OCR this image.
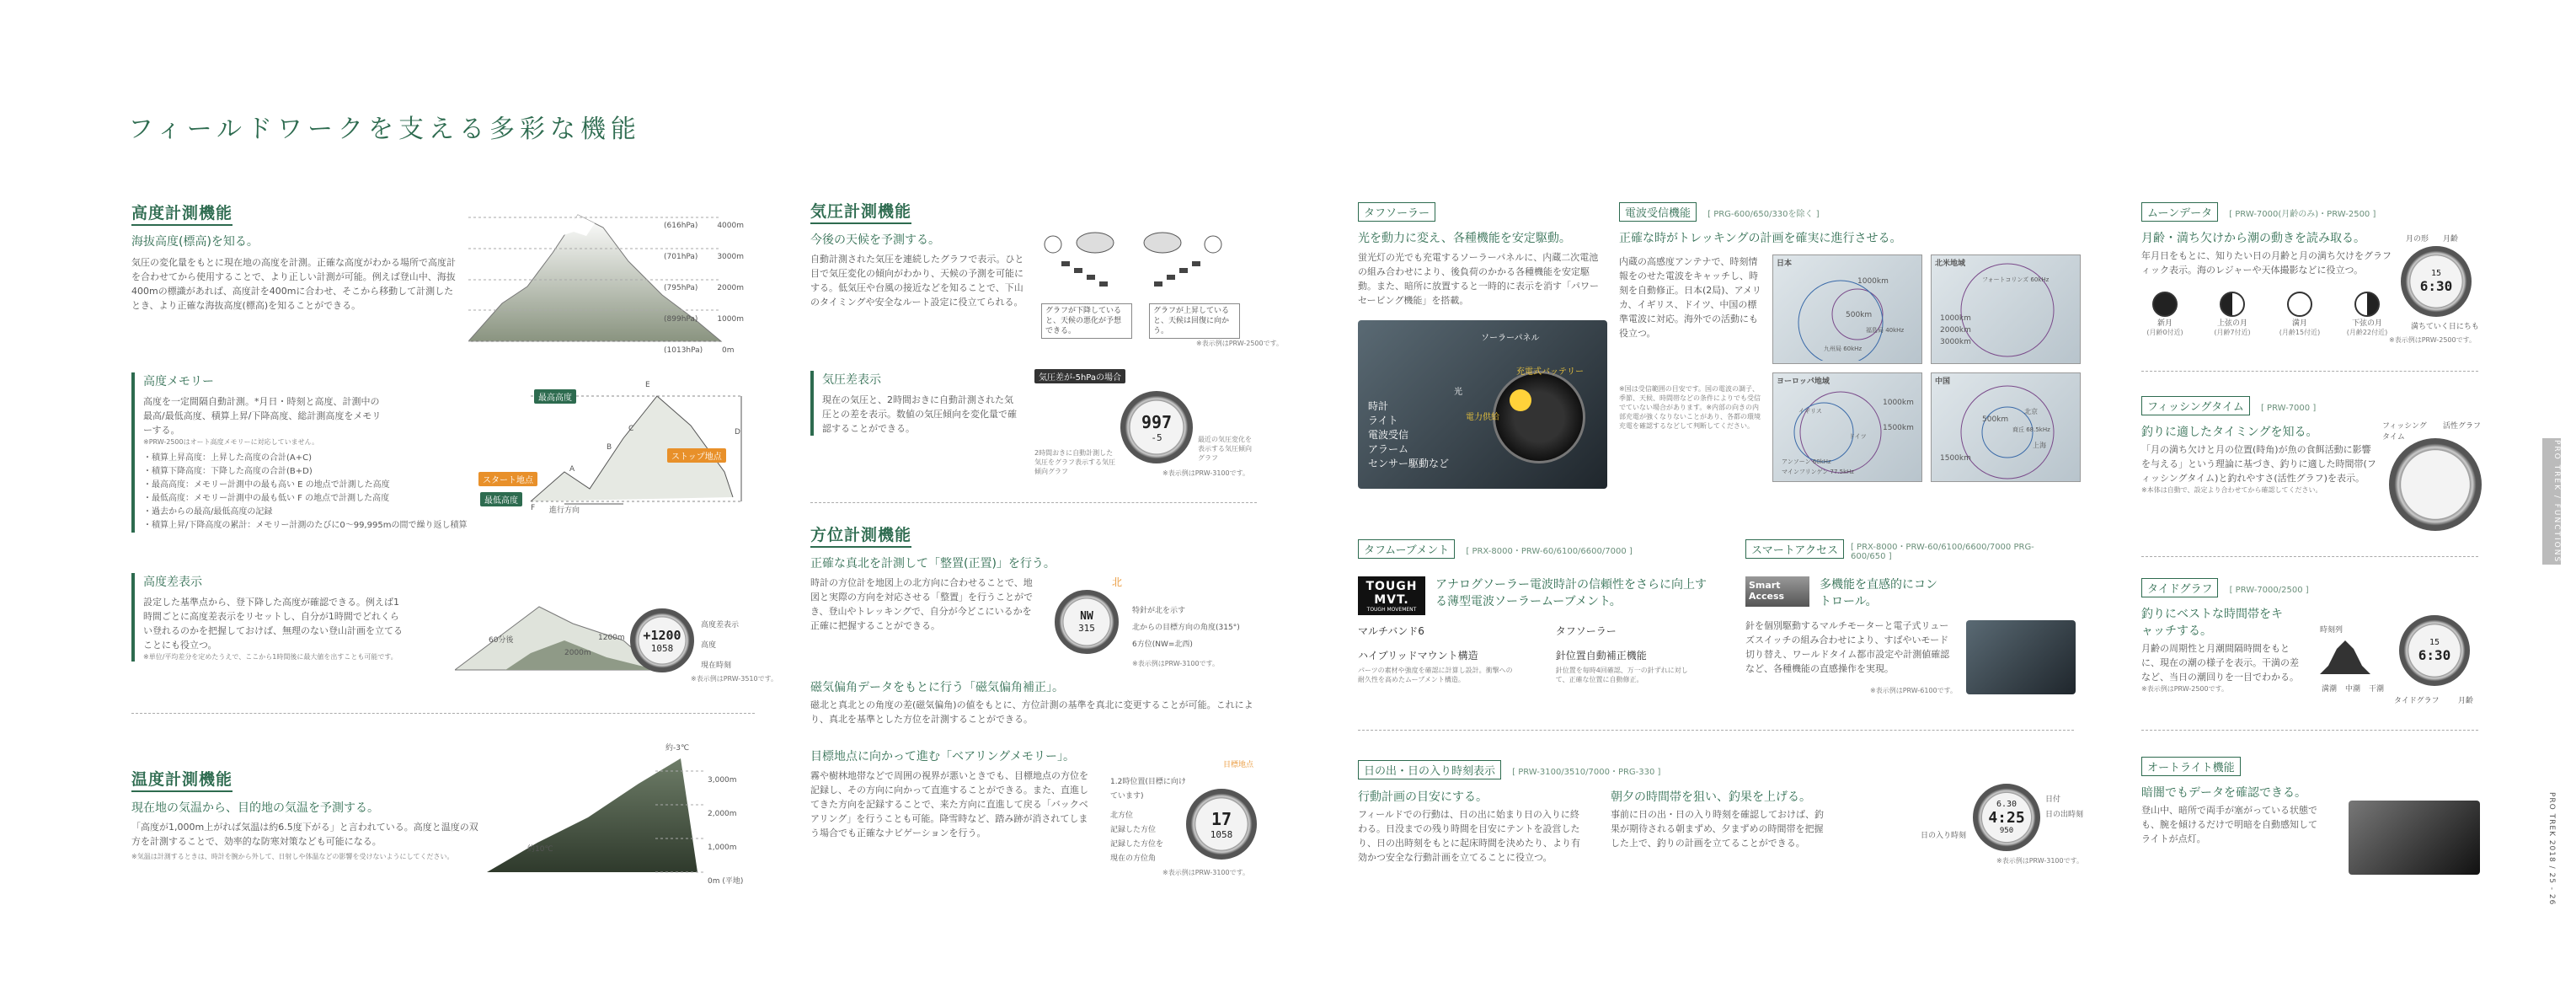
フィールドワークを支える多彩な機能
高度計測機能
海抜高度(標高)を知る。
気圧の変化量をもとに現在地の高度を計測。正確な高度がわかる場所で高度計を合わせてから使用することで、より正しい計測が可能。例えば登山中、海抜400mの標識があれば、高度計を400mに合わせ、そこから移動して計測したとき、より正確な海抜高度(標高)を知ることができる。
(616hPa)	4000m
(701hPa)	3000m
(795hPa)	2000m
(899hPa)	1000m
(1013hPa)	0m
高度メモリー
高度を一定間隔自動計測。*月日・時刻と高度、計測中の最高/最低高度、積算上昇/下降高度、総計測高度をメモリーする。
※PRW-2500はオート高度メモリーに対応していません。
・積算上昇高度：上昇した高度の合計(A+C)
・積算下降高度：下降した高度の合計(B+D)
・最高高度：メモリー計測中の最も高い E の地点で計測した高度
・最低高度：メモリー計測中の最も低い F の地点で計測した高度
・過去からの最高/最低高度の記録
・積算上昇/下降高度の累計：メモリー計測のたびに0〜99,995mの間で繰り返し積算
最高高度
最低高度
スタート地点
ストップ地点
進行方向
A
B
C	D
E
F
高度差表示
設定した基準点から、登下降した高度が確認できる。例えば1時間ごとに高度差表示をリセットし、自分が1時間でどれくらい登れるのかを把握しておけば、無理のない登山計画を立てることにも役立つ。
※単位/平均差分を定めたうえで、ここから1時間後に最大値を出すことも可能です。
60分後	1200m
2000m
+1200
1058
高度差表示
高度
現在時刻
※表示例はPRW-3510です。
温度計測機能
現在地の気温から、目的地の気温を予測する。
「高度が1,000m上がれば気温は約6.5度下がる」と言われている。高度と温度の双方を計測することで、効率的な防寒対策なども可能になる。
※気温は計測するときは、時計を腕から外して、日射しや体温などの影響を受けないようにしてください。
3,000m
2,000m
1,000m
0m (平地)
約-3℃
約10℃
気圧計測機能
今後の天候を予測する。
自動計測された気圧を連続したグラフで表示。ひと目で気圧変化の傾向がわかり、天候の予測を可能にする。低気圧や台風の接近などを知ることで、下山のタイミングや安全なルート設定に役立てられる。
グラフが下降していると、天候の悪化が予想できる。
グラフが上昇していると、天候は回復に向かう。
※表示例はPRW-2500です。
気圧差表示
現在の気圧と、2時間おきに自動計測された気圧との差を表示。数値の気圧傾向を変化量で確認することができる。
気圧差が-5hPaの場合
997
-5
2時間おきに自動計測した気圧をグラフ表示する気圧傾向グラフ
最近の気圧変化を表示する気圧傾向グラフ
※表示例はPRW-3100です。
方位計測機能
正確な真北を計測して「整置(正置)」を行う。
時計の方位計を地図上の北方向に合わせることで、地図と実際の方向を対応させる「整置」を行うことができ、登山やトレッキングで、自分が今どこにいるかを正確に把握することができる。
NW
315
北
特針が北を示す
北からの目標方向の角度(315°)
6方位(NW=北西)
※表示例はPRW-3100です。
磁気偏角データをもとに行う「磁気偏角補正」。
磁北と真北との角度の差(磁気偏角)の値をもとに、方位計測の基準を真北に変更することが可能。これにより、真北を基準とした方位を計測することができる。
目標地点に向かって進む「ベアリングメモリー」。
霧や樹林地帯などで周囲の視界が悪いときでも、目標地点の方位を記録し、その方向に向かって直進することができる。また、直進してきた方向を記録することで、来た方向に直進して戻る「バックベアリング」を行うことも可能。降雪時など、踏み跡が消されてしまう場合でも正確なナビゲーションを行う。
1.2時位置(目標に向けています)
北方位
記録した方位
記録した方位を
現在の方位角
目標地点
17
1058
※表示例はPRW-3100です。
タフソーラー
光を動力に変え、各種機能を安定駆動。
蛍光灯の光でも充電するソーラーパネルに、内蔵二次電池の組み合わせにより、後負荷のかかる各種機能を安定駆動。また、暗所に放置すると一時的に表示を消す「パワーセービング機能」を搭載。
ソーラーパネル
充電式バッテリー
光
電力供給
時計
ライト
電波受信
アラーム
センサー駆動など
電波受信機能 [ PRG-600/650/330を除く ]
正確な時がトレッキングの計画を確実に進行させる。
内蔵の高感度アンテナで、時刻情報をのせた電波をキャッチし、時刻を自動修正。日本(2局)、アメリカ、イギリス、ドイツ、中国の標準電波に対応。海外での活動にも役立つ。
※国は受信範囲の目安です。国の電波の調子、季節、天候、時間帯などの条件によりでも受信でていない場合があります。※内部の向きの内部充電が強くなりないことがあり、各都の環境充電を確認するなどして判断してください。
日本
1000km
500km
福島局 40kHz
九州局 60kHz
北米地域
フォートコリンズ 60kHz
1000km
2000km
3000km
ヨーロッパ地域
1000km
1500km
イギリス
ドイツ
アンソーン 60kHz
マインフリンゲン 77.5kHz
中国
500km
1500km
北京
上海
商丘 68.5kHz
タフムーブメント [ PRX-8000・PRW-60/6100/6600/7000 ]
TOUGH MVT.
TOUGH MOVEMENT
アナログソーラー電波時計の信頼性をさらに向上する薄型電波ソーラームーブメント。
マルチバンド6
ハイブリッドマウント構造
パーツの素材や強度を確認に計算し設計。衝撃への耐久性を高めたムーブメント構造。
タフソーラー
針位置自動補正機能
針位置を毎時4回確認、万一の針ずれに対して、正確な位置に自動修正。
スマートアクセス	[ PRX-8000・PRW-60/6100/6600/7000 PRG-600/650 ]
Smart Access
多機能を直感的にコントロール。
針を個別駆動するマルチモーターと電子式リューズスイッチの組み合わせにより、すばやいモード切り替え、ワールドタイム都市設定や計測値確認など、各種機能の直感操作を実現。
※表示例はPRW-6100です。
日の出・日の入り時刻表示 [ PRW-3100/3510/7000・PRG-330 ]
行動計画の目安にする。
フィールドでの行動は、日の出に始まり日の入りに終わる。日没までの残り時間を目安にテントを設営したり、日の出時刻をもとに起床時間を決めたり、より有効かつ安全な行動計画を立てることに役立つ。
朝夕の時間帯を狙い、釣果を上げる。
事前に日の出・日の入り時刻を確認しておけば、釣果が期待される朝まずめ、夕まずめの時間帯を把握した上で、釣りの計画を立てることができる。
6.30
4:25
950
日付
日の出時刻
日の入り時刻
※表示例はPRW-3100です。
ムーンデータ [ PRW-7000(月齢のみ)・PRW-2500 ]
月齢・満ち欠けから潮の動きを読み取る。
年月日をもとに、知りたい日の月齢と月の満ち欠けをグラフィック表示。海のレジャーや天体撮影などに役立つ。
新月
(月齢0付近)
上弦の月
(月齢7付近)
満月
(月齢15付近)
下弦の月
(月齢22付近)
15
6:30
月の形 月齢
満ちていく日にちも
※表示例はPRW-2500です。
フィッシングタイム [ PRW-7000 ]
釣りに適したタイミングを知る。
「月の満ち欠けと月の位置(時角)が魚の食餌活動に影響を与える」という理論に基づき、釣りに適した時間帯(フィッシングタイム)と釣れやすさ(活性グラフ)を表示。
※本体は自動で、設定より合わせてから確認してください。
フィッシングタイム
活性グラフ
タイドグラフ [ PRW-7000/2500 ]
釣りにベストな時間帯をキャッチする。
月齢の周期性と月潮間隔時間をもとに、現在の潮の様子を表示。干満の差など、当日の潮回りを一目でわかる。
※表示例はPRW-2500です。
時刻列
満潮 中潮 干潮
15
6:30
タイドグラフ 月齢
オートライト機能
暗闇でもデータを確認できる。
登山中、暗所で両手が塞がっている状態でも、腕を傾けるだけで明暗を自動感知してライトが点灯。
PRO TREK / FUNCTIONS
PRO TREK 2018 / 25 - 26
